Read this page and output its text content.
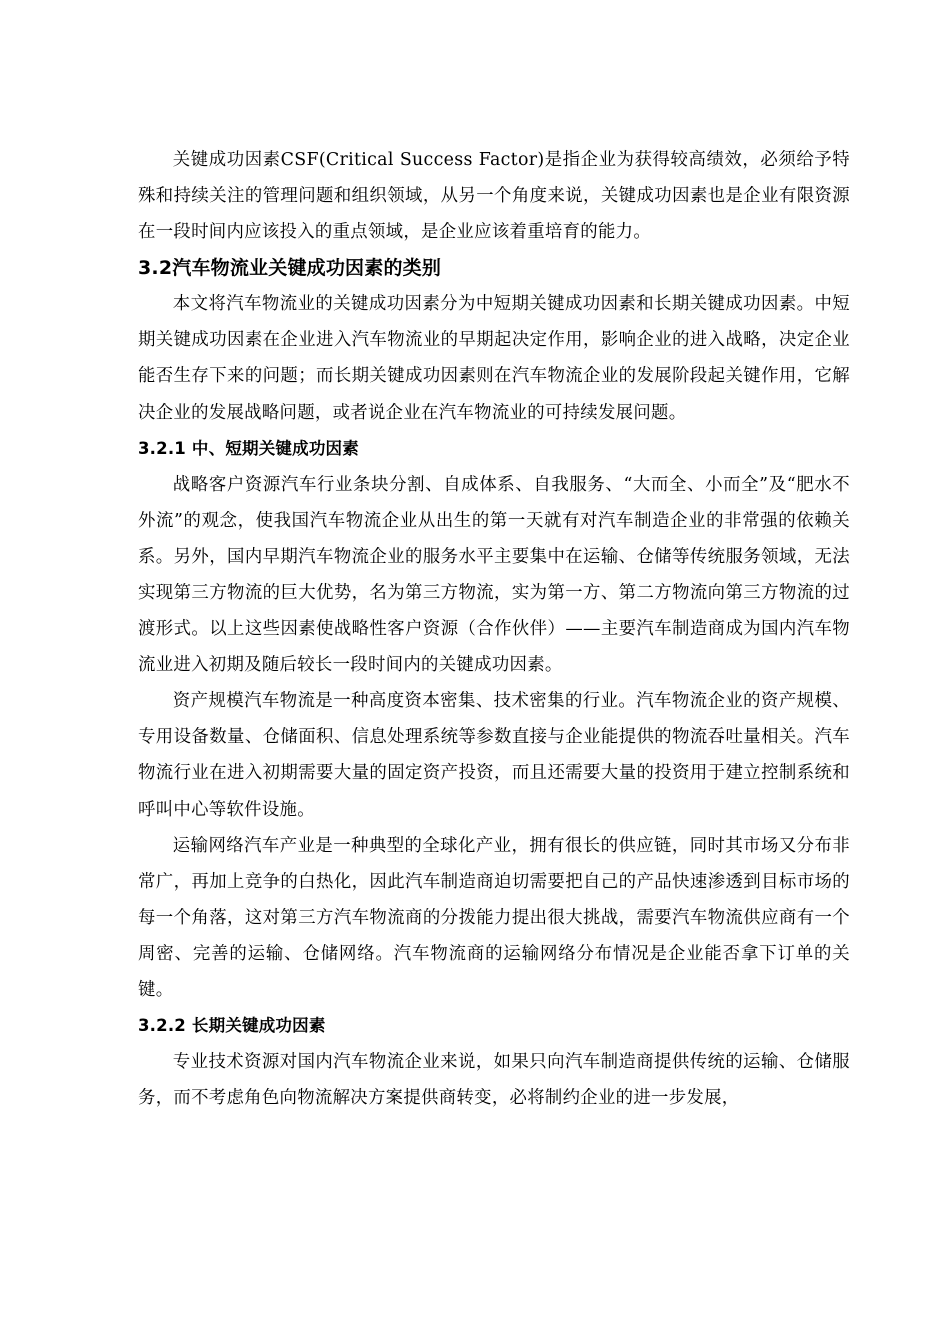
关键成功因素CSF(Critical Success Factor)是指企业为获得较高绩效，必须给予特殊和持续关注的管理问题和组织领域，从另一个角度来说，关键成功因素也是企业有限资源在一段时间内应该投入的重点领域，是企业应该着重培育的能力。

3.2汽车物流业关键成功因素的类别

本文将汽车物流业的关键成功因素分为中短期关键成功因素和长期关键成功因素。中短期关键成功因素在企业进入汽车物流业的早期起决定作用，影响企业的进入战略，决定企业能否生存下来的问题；而长期关键成功因素则在汽车物流企业的发展阶段起关键作用，它解决企业的发展战略问题，或者说企业在汽车物流业的可持续发展问题。

3.2.1 中、短期关键成功因素

战略客户资源汽车行业条块分割、自成体系、自我服务、“大而全、小而全”及“肥水不外流”的观念，使我国汽车物流企业从出生的第一天就有对汽车制造企业的非常强的依赖关系。另外，国内早期汽车物流企业的服务水平主要集中在运输、仓储等传统服务领域，无法实现第三方物流的巨大优势，名为第三方物流，实为第一方、第二方物流向第三方物流的过渡形式。以上这些因素使战略性客户资源（合作伙伴）——主要汽车制造商成为国内汽车物流业进入初期及随后较长一段时间内的关键成功因素。

资产规模汽车物流是一种高度资本密集、技术密集的行业。汽车物流企业的资产规模、专用设备数量、仓储面积、信息处理系统等参数直接与企业能提供的物流吞吐量相关。汽车物流行业在进入初期需要大量的固定资产投资，而且还需要大量的投资用于建立控制系统和呼叫中心等软件设施。

运输网络汽车产业是一种典型的全球化产业，拥有很长的供应链，同时其市场又分布非常广，再加上竞争的白热化，因此汽车制造商迫切需要把自己的产品快速渗透到目标市场的每一个角落，这对第三方汽车物流商的分拨能力提出很大挑战，需要汽车物流供应商有一个周密、完善的运输、仓储网络。汽车物流商的运输网络分布情况是企业能否拿下订单的关键。

3.2.2 长期关键成功因素

专业技术资源对国内汽车物流企业来说，如果只向汽车制造商提供传统的运输、仓储服务，而不考虑角色向物流解决方案提供商转变，必将制约企业的进一步发展，
